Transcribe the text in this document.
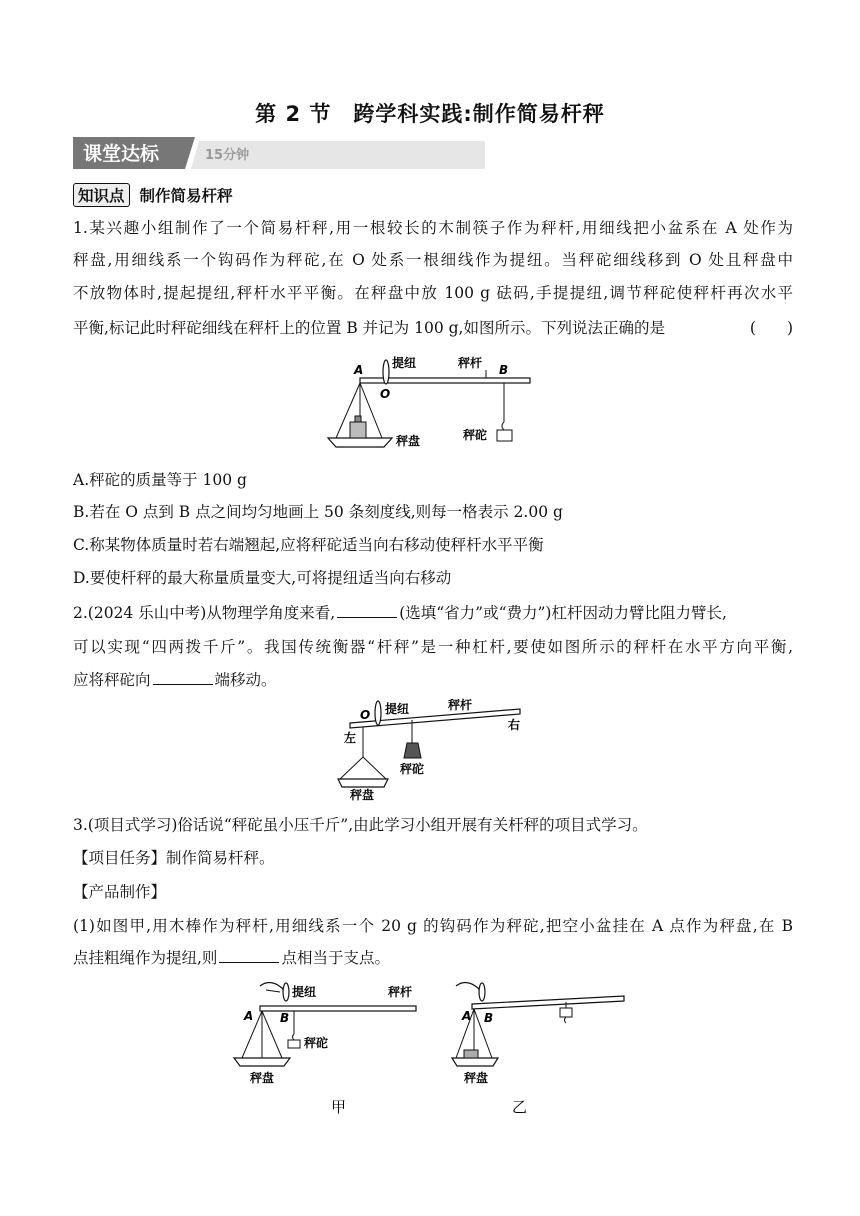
第 2 节　跨学科实践:制作简易杆秤
课堂达标	15分钟
知识点 制作简易杆秤
1.某兴趣小组制作了一个简易杆秤,用一根较长的木制筷子作为秤杆,用细线把小盆系在 A 处作为
秤盘,用细线系一个钩码作为秤砣,在 O 处系一根细线作为提纽。当秤砣细线移到 O 处且秤盘中
不放物体时,提起提纽,秤杆水平平衡。在秤盘中放 100 g 砝码,手提提纽,调节秤砣使秤杆再次水平
平衡,标记此时秤砣细线在秤杆上的位置 B 并记为 100 g,如图所示。下列说法正确的是	(　　)
A
O
B
提纽	秤杆
秤盘	秤砣
A.秤砣的质量等于 100 g
B.若在 O 点到 B 点之间均匀地画上 50 条刻度线,则每一格表示 2.00 g
C.称某物体质量时若右端翘起,应将秤砣适当向右移动使秤杆水平平衡
D.要使杆秤的最大称量质量变大,可将提纽适当向右移动
2.(2024 乐山中考)从物理学角度来看,	(选填“省力”或“费力”)杠杆因动力臂比阻力臂长,
可以实现“四两拨千斤”。我国传统衡器“杆秤”是一种杠杆,要使如图所示的秤杆在水平方向平衡,
应将秤砣向	端移动。
O 提纽	秤杆
右
左
秤盘
秤砣
3.(项目式学习)俗话说“秤砣虽小压千斤”,由此学习小组开展有关杆秤的项目式学习。
【项目任务】制作简易杆秤。
【产品制作】
(1)如图甲,用木棒作为秤杆,用细线系一个 20 g 的钩码作为秤砣,把空小盆挂在 A 点作为秤盘,在 B
点挂粗绳作为提纽,则	点相当于支点。
提纽	秤杆
A B
秤盘
秤砣
甲
A B
秤盘
乙
